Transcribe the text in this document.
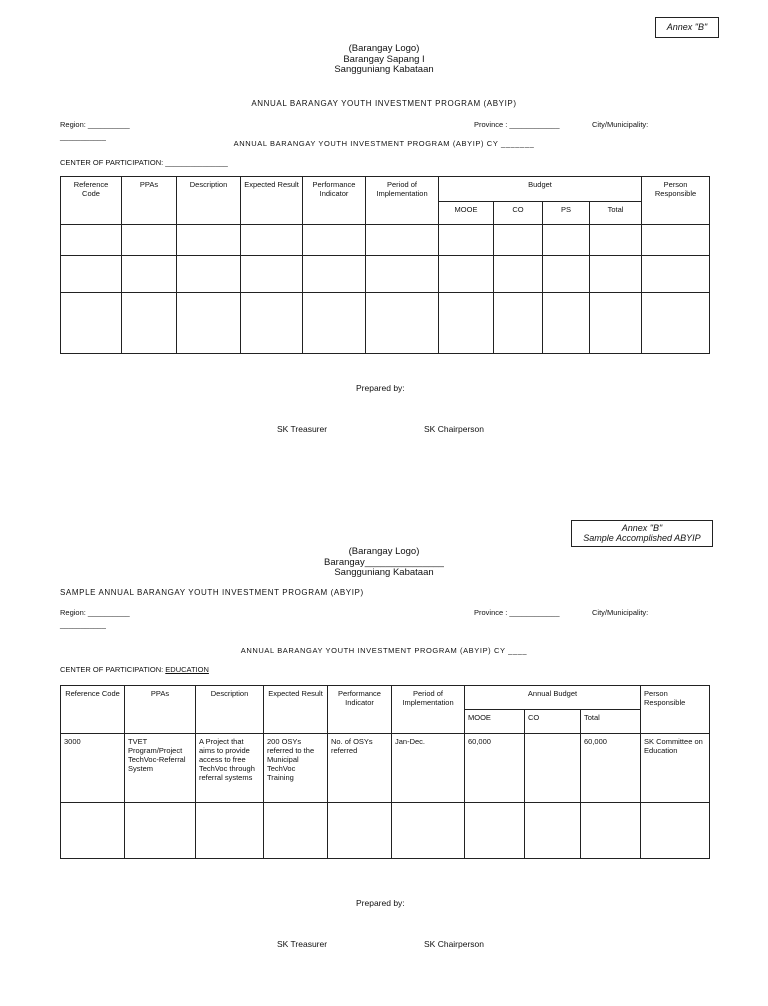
Annex "B"
(Barangay Logo)
Barangay Sapang I
Sangguniang Kabataan
ANNUAL BARANGAY YOUTH INVESTMENT PROGRAM (ABYIP)
Region: __________
___________
Province : ____________	City/Municipality:
ANNUAL BARANGAY YOUTH INVESTMENT PROGRAM (ABYIP) CY _______
CENTER OF PARTICIPATION: _______________
Reference Code	PPAs	Description	Expected Result	Performance Indicator	Period of Implementation	Budget				Person Responsible
						MOOE	CO	PS	Total	

Prepared by:
SK Treasurer	SK Chairperson
Annex "B"
Sample Accomplished ABYIP
(Barangay Logo)
Barangay_______________
Sangguniang Kabataan
SAMPLE ANNUAL BARANGAY YOUTH INVESTMENT PROGRAM (ABYIP)
Region: __________
___________
Province : ____________	City/Municipality:
ANNUAL BARANGAY YOUTH INVESTMENT PROGRAM (ABYIP) CY ____
CENTER OF PARTICIPATION: EDUCATION
Reference Code	PPAs	Description	Expected Result	Performance Indicator	Period of Implementation	Annual Budget			Person Responsible
						MOOE	CO	Total	
3000	TVET Program/Project TechVoc-Referral System	A Project that aims to provide access to free TechVoc through referral systems	200 OSYs referred to the Municipal TechVoc Training	No. of OSYs referred	Jan-Dec.	60,000		60,000	SK Committee on Education

Prepared by:
SK Treasurer	SK Chairperson
